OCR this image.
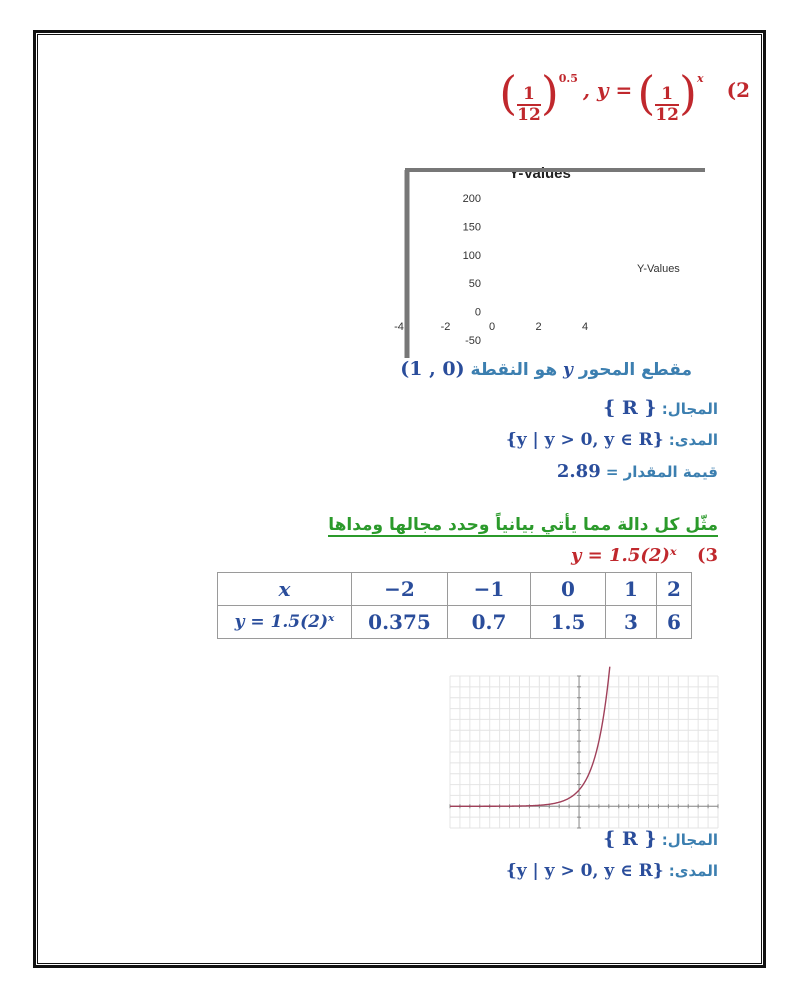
( $\frac{1}{12} )^{0.5}$ , y = ( $\frac{1}{12} )^x$ (2
Y-Values
200
150
100
50
0
-50
-4	-2	0	2	4
Y-Values
مقطع المحور y هو النقطة (0 , 1)
المجال: { R }
المدى: {y | y > 0, y ∈ R}
قيمة المقدار = 2.89
مثّل كل دالة مما يأتي بيانياً وحدد مجالها ومداها
y = 1.5(2)ˣ (3
x	−2	−1	0	1	2
y = 1.5(2)ˣ	0.375	0.7	1.5	3	6
المجال: { R }
المدى: {y | y > 0, y ∈ R}
